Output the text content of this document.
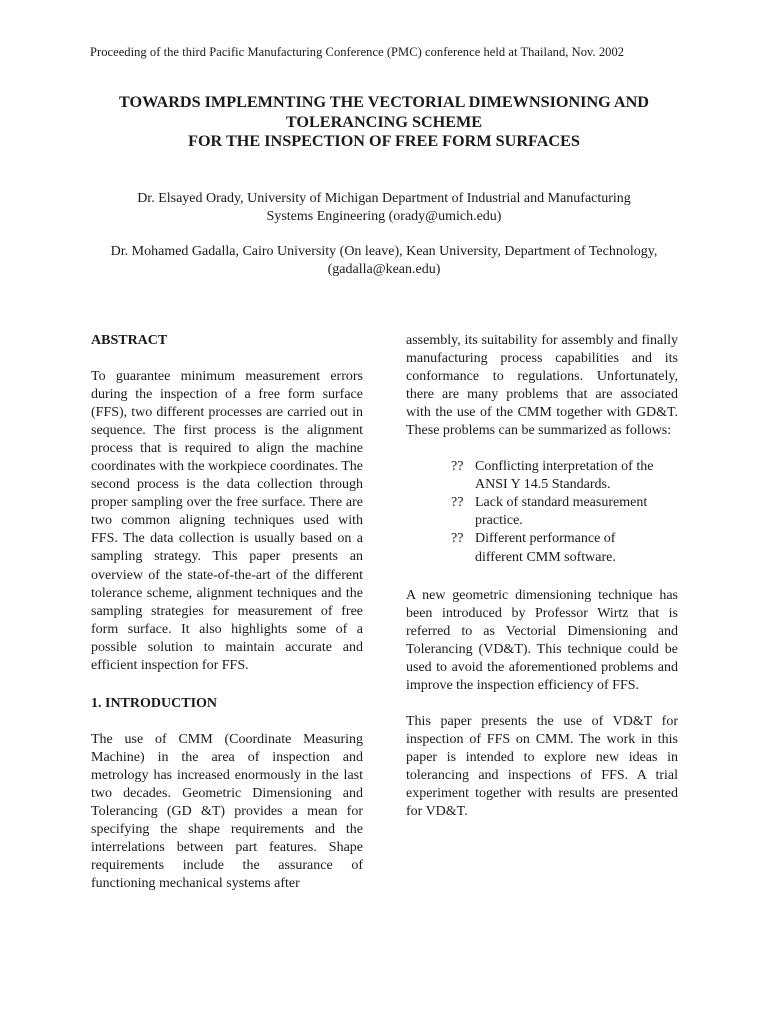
Proceeding of the third Pacific Manufacturing Conference (PMC) conference held at Thailand, Nov. 2002
TOWARDS IMPLEMNTING THE VECTORIAL DIMEWNSIONING AND
TOLERANCING SCHEME
FOR THE INSPECTION OF FREE FORM SURFACES
Dr. Elsayed Orady, University of Michigan Department of Industrial and Manufacturing
Systems Engineering (orady@umich.edu)
Dr. Mohamed Gadalla, Cairo University (On leave), Kean University, Department of Technology,
(gadalla@kean.edu)
ABSTRACT

To guarantee minimum measurement errors during the inspection of a free form surface (FFS), two different processes are carried out in sequence. The first process is the alignment process that is required to align the machine coordinates with the workpiece coordinates. The second process is the data collection through proper sampling over the free surface. There are two common aligning techniques used with FFS. The data collection is usually based on a sampling strategy. This paper presents an overview of the state-of-the-art of the different tolerance scheme, alignment techniques and the sampling strategies for measurement of free form surface. It also highlights some of a possible solution to maintain accurate and efficient inspection for FFS.

1. INTRODUCTION

The use of CMM (Coordinate Measuring Machine) in the area of inspection and metrology has increased enormously in the last two decades. Geometric Dimensioning and Tolerancing (GD &T) provides a mean for specifying the shape requirements and the interrelations between part features. Shape requirements include the assurance of functioning mechanical systems after

assembly, its suitability for assembly and finally manufacturing process capabilities and its conformance to regulations. Unfortunately, there are many problems that are associated with the use of the CMM together with GD&T. These problems can be summarized as follows:

?? Conflicting interpretation of the ANSI Y 14.5 Standards.
?? Lack of standard measurement practice.
?? Different performance of different CMM software.

A new geometric dimensioning technique has been introduced by Professor Wirtz that is referred to as Vectorial Dimensioning and Tolerancing (VD&T). This technique could be used to avoid the aforementioned problems and improve the inspection efficiency of FFS.

This paper presents the use of VD&T for inspection of FFS on CMM. The work in this paper is intended to explore new ideas in tolerancing and inspections of FFS. A trial experiment together with results are presented for VD&T.
